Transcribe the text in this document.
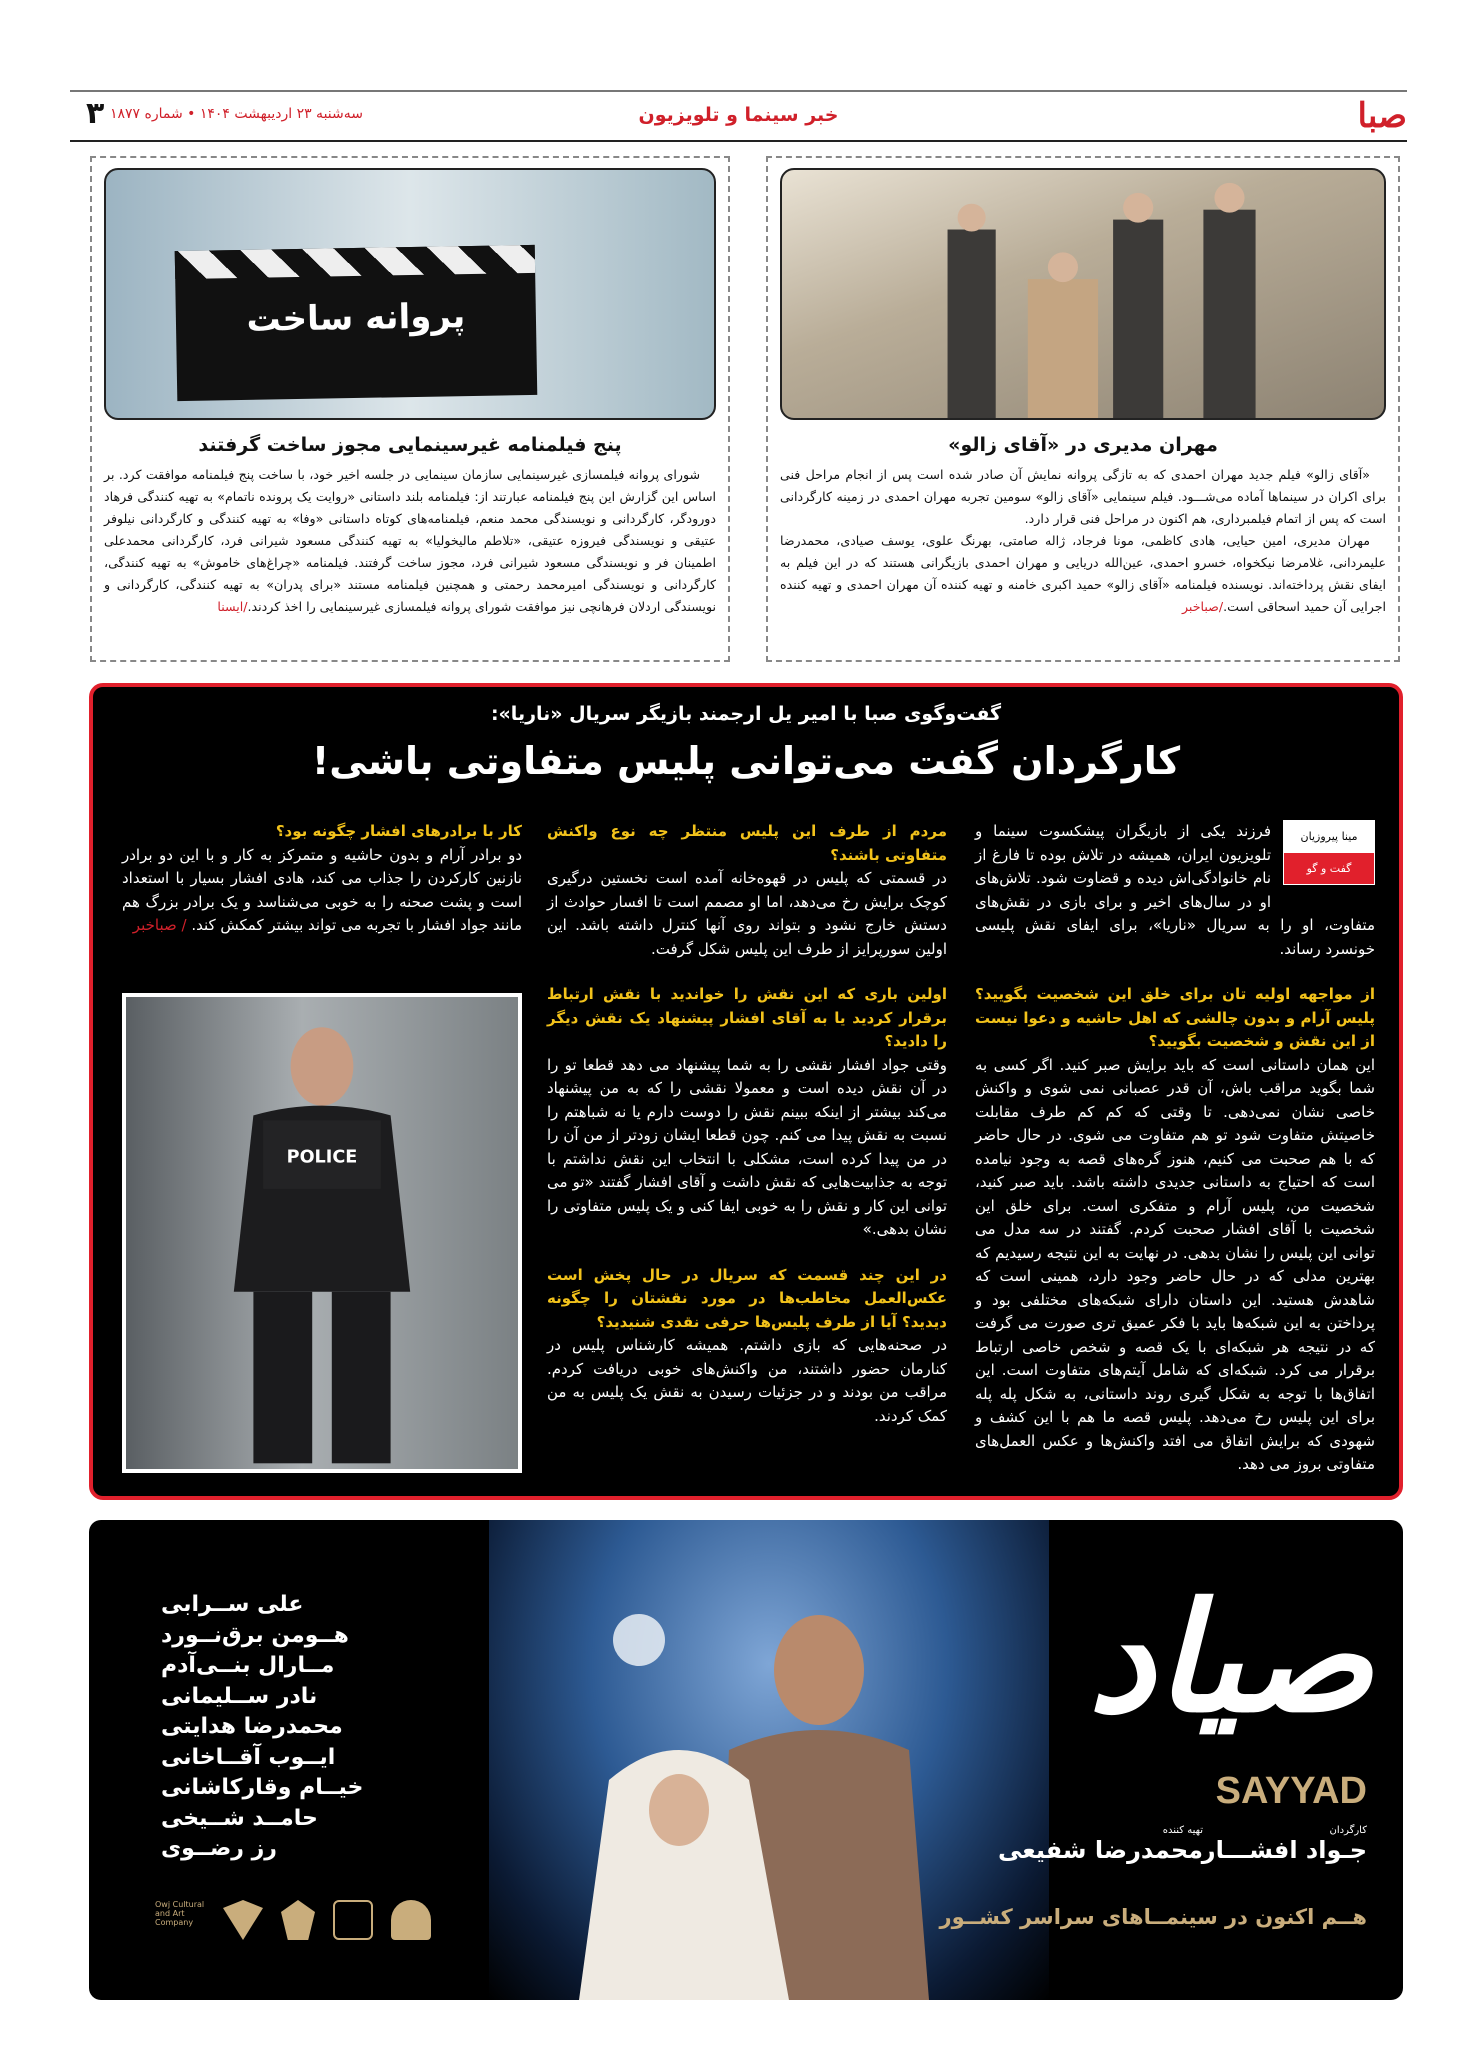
صبا
خبر سینما و تلویزیون
سه‌شنبه ۲۳ اردیبهشت ۱۴۰۴ • شماره ۱۸۷۷
۳
مهران مدیری در «آقای زالو»

«آقای زالو» فیلم جدید مهران احمدی که به تازگی پروانه نمایش آن صادر شده است پس از انجام مراحل فنی برای اکران در سینماها آماده می‌شـــود. فیلم سینمایی «آقای زالو» سومین تجربه مهران احمدی در زمینه کارگردانی است که پس از اتمام فیلمبرداری، هم اکنون در مراحل فنی قرار دارد.

مهران مدیری، امین حیایی، هادی کاظمی، مونا فرجاد، ژاله صامتی، بهرنگ علوی، یوسف صیادی، محمدرضا علیمردانی، غلامرضا نیکخواه، خسرو احمدی، عین‌الله دریایی و مهران احمدی بازیگرانی هستند که در این فیلم به ایفای نقش پرداخته‌اند. نویسنده فیلمنامه «آقای زالو» حمید اکبری خامنه و تهیه کننده آن مهران احمدی و تهیه کننده اجرایی آن حمید اسحاقی است./صباخبر

پروانه ساخت
پنج فیلمنامه غیرسینمایی مجوز ساخت گرفتند

شورای پروانه فیلمسازی غیرسینمایی سازمان سینمایی در جلسه اخیر خود، با ساخت پنج فیلمنامه موافقت کرد. بر اساس این گزارش این پنج فیلمنامه عبارتند از: فیلمنامه بلند داستانی «روایت یک پرونده ناتمام» به تهیه کنندگی فرهاد دورودگر، کارگردانی و نویسندگی محمد منعم، فیلمنامه‌های کوتاه داستانی «وفا» به تهیه کنندگی و کارگردانی نیلوفر عتیقی و نویسندگی فیروزه عتیقی، «تلاطم مالیخولیا» به تهیه کنندگی مسعود شیرانی فرد، کارگردانی محمدعلی اطمینان فر و نویسندگی مسعود شیرانی فرد، مجوز ساخت گرفتند. فیلمنامه «چراغ‌های خاموش» به تهیه کنندگی، کارگردانی و نویسندگی امیرمحمد رحمتی و همچنین فیلمنامه مستند «برای پدران» به تهیه کنندگی، کارگردانی و نویسندگی اردلان فرهانچی نیز موافقت شورای پروانه فیلمسازی غیرسینمایی را اخذ کردند./ایسنا

گفت‌وگوی صبا با امیر یل ارجمند بازیگر سریال «ناریا»:
کارگردان گفت می‌توانی پلیس متفاوتی باشی!
مینا پیروزیان
گفت و گو

فرزند یکی از بازیگران پیشکسوت سینما و تلویزیون ایران، همیشه در تلاش بوده تا فارغ از نام خانوادگی‌اش دیده و قضاوت شود. تلاش‌های او در سال‌های اخیر و برای بازی در نقش‌های متفاوت، او را به سریال «ناریا»، برای ایفای نقش پلیسی خونسرد رساند.

از مواجهه اولیه تان برای خلق این شخصیت بگویید؟ پلیس آرام و بدون چالشی که اهل حاشیه و دعوا نیست از این نقش و شخصیت بگویید؟
این همان داستانی است که باید برایش صبر کنید. اگر کسی به شما بگوید مراقب باش، آن قدر عصبانی نمی شوی و واکنش خاصی نشان نمی‌دهی. تا وقتی که کم کم طرف مقابلت خاصیتش متفاوت شود تو هم متفاوت می شوی. در حال حاضر که با هم صحبت می کنیم، هنوز گره‌های قصه به وجود نیامده است که احتیاج به داستانی جدیدی داشته باشد. باید صبر کنید، شخصیت من، پلیس آرام و متفکری است. برای خلق این شخصیت با آقای افشار صحبت کردم. گفتند در سه مدل می توانی این پلیس را نشان بدهی. در نهایت به این نتیجه رسیدیم که بهترین مدلی که در حال حاضر وجود دارد، همینی است که شاهدش هستید. این داستان دارای شبکه‌های مختلفی بود و پرداختن به این شبکه‌ها باید با فکر عمیق تری صورت می گرفت که در نتیجه هر شبکه‌ای با یک قصه و شخص خاصی ارتباط برقرار می کرد. شبکه‌ای که شامل آیتم‌های متفاوت است. این اتفاق‌ها با توجه به شکل گیری روند داستانی، به شکل پله پله برای این پلیس رخ می‌دهد. پلیس قصه ما هم با این کشف و شهودی که برایش اتفاق می افتد واکنش‌ها و عکس العمل‌های متفاوتی بروز می دهد.

مردم از طرف این پلیس منتظر چه نوع واکنش متفاوتی باشند؟
در قسمتی که پلیس در قهوه‌خانه آمده است نخستین درگیری کوچک برایش رخ می‌دهد، اما او مصمم است تا افسار حوادث از دستش خارج نشود و بتواند روی آنها کنترل داشته باشد. این اولین سورپرایز از طرف این پلیس شکل گرفت.

اولین باری که این نقش را خواندید با نقش ارتباط برقرار کردید یا به آقای افشار پیشنهاد یک نقش دیگر را دادید؟
وقتی جواد افشار نقشی را به شما پیشنهاد می دهد قطعا تو را در آن نقش دیده است و معمولا نقشی را که به من پیشنهاد می‌کند بیشتر از اینکه ببینم نقش را دوست دارم یا نه شباهتم را نسبت به نقش پیدا می کنم. چون قطعا ایشان زودتر از من آن را در من پیدا کرده است، مشکلی با انتخاب این نقش نداشتم با توجه به جذابیت‌هایی که نقش داشت و آقای افشار گفتند «تو می توانی این کار و نقش را به خوبی ایفا کنی و یک پلیس متفاوتی را نشان بدهی.»

در این چند قسمت که سریال در حال پخش است عکس‌العمل مخاطب‌ها در مورد نقشتان را چگونه دیدید؟ آیا از طرف پلیس‌ها حرفی نقدی شنیدید؟
در صحنه‌هایی که بازی داشتم. همیشه کارشناس پلیس در کنارمان حضور داشتند، من واکنش‌های خوبی دریافت کردم. مراقب من بودند و در جزئیات رسیدن به نقش یک پلیس به من کمک کردند.

کار با برادرهای افشار چگونه بود؟
دو برادر آرام و بدون حاشیه و متمرکز به کار و با این دو برادر نازنین کارکردن را جذاب می کند، هادی افشار بسیار با استعداد است و پشت صحنه را به خوبی می‌شناسد و یک برادر بزرگ هم مانند جواد افشار با تجربه می تواند بیشتر کمکش کند. / صباخبر

POLICE
علی ســرابی
هــومن برق‌نــورد
مــارال بنــی‌آدم
نادر ســلیمانی
محمدرضا هدایتی
ایــوب آقــاخانی
خیــام وقارکاشانی
حامــد شــیخی
رز رضــوی
Owj Cultural and Art Company
صیاد
SAYYAD
کارگردان
جـواد افشـــار
تهیه کننده
محمدرضا شفیعی
هــم اکنون در سینمــاهای سراسر کشــور
